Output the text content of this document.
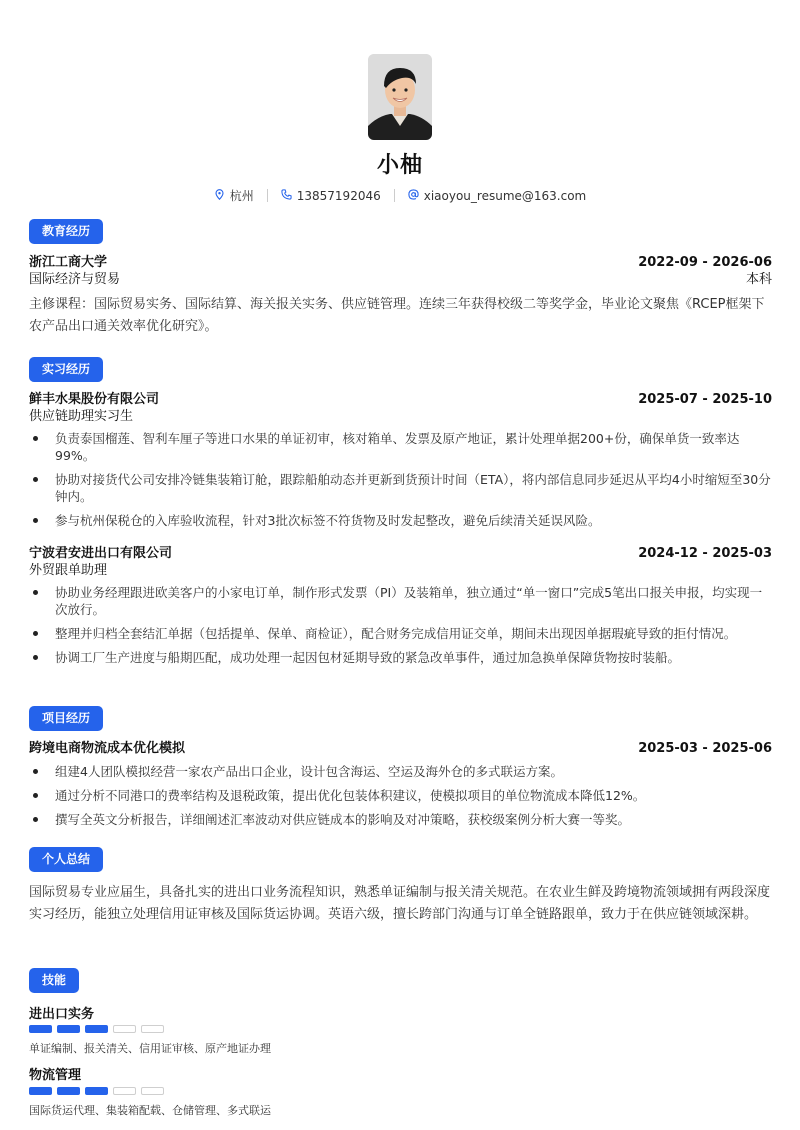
小柚
杭州	13857192046	xiaoyou_resume@163.com
教育经历
浙江工商大学	2022-09 - 2026-06
国际经济与贸易	本科
主修课程：国际贸易实务、国际结算、海关报关实务、供应链管理。连续三年获得校级二等奖学金，毕业论文聚焦《RCEP框架下农产品出口通关效率优化研究》。
实习经历
鲜丰水果股份有限公司	2025-07 - 2025-10
供应链助理实习生
负责泰国榴莲、智利车厘子等进口水果的单证初审，核对箱单、发票及原产地证，累计处理单据200+份，确保单货一致率达99%。
协助对接货代公司安排冷链集装箱订舱，跟踪船舶动态并更新到货预计时间（ETA），将内部信息同步延迟从平均4小时缩短至30分钟内。
参与杭州保税仓的入库验收流程，针对3批次标签不符货物及时发起整改，避免后续清关延误风险。
宁波君安进出口有限公司	2024-12 - 2025-03
外贸跟单助理
协助业务经理跟进欧美客户的小家电订单，制作形式发票（PI）及装箱单，独立通过“单一窗口”完成5笔出口报关申报，均实现一次放行。
整理并归档全套结汇单据（包括提单、保单、商检证），配合财务完成信用证交单，期间未出现因单据瑕疵导致的拒付情况。
协调工厂生产进度与船期匹配，成功处理一起因包材延期导致的紧急改单事件，通过加急换单保障货物按时装船。
项目经历
跨境电商物流成本优化模拟	2025-03 - 2025-06
组建4人团队模拟经营一家农产品出口企业，设计包含海运、空运及海外仓的多式联运方案。
通过分析不同港口的费率结构及退税政策，提出优化包装体积建议，使模拟项目的单位物流成本降低12%。
撰写全英文分析报告，详细阐述汇率波动对供应链成本的影响及对冲策略，获校级案例分析大赛一等奖。
个人总结
国际贸易专业应届生，具备扎实的进出口业务流程知识，熟悉单证编制与报关清关规范。在农业生鲜及跨境物流领域拥有两段深度实习经历，能独立处理信用证审核及国际货运协调。英语六级，擅长跨部门沟通与订单全链路跟单，致力于在供应链领域深耕。
技能
进出口实务
单证编制、报关清关、信用证审核、原产地证办理
物流管理
国际货运代理、集装箱配载、仓储管理、多式联运
